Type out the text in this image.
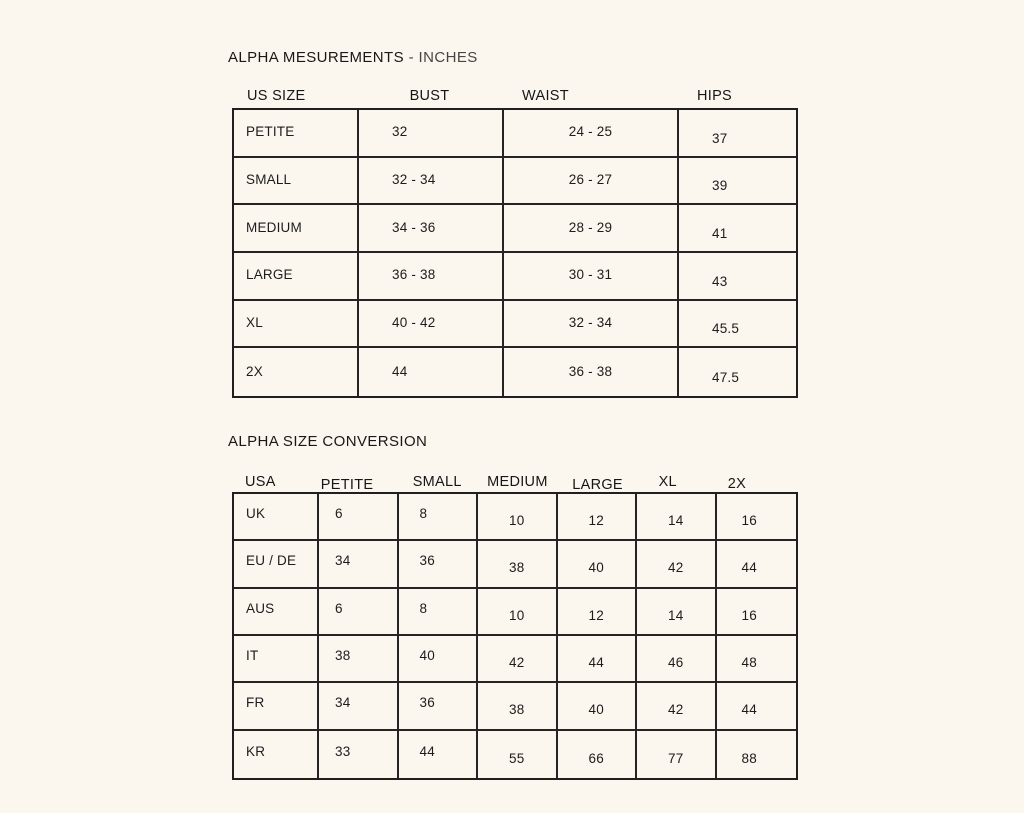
ALPHA MESUREMENTS - INCHES
US SIZE	BUST	WAIST	HIPS
PETITE	32	24 - 25	37
SMALL	32 - 34	26 - 27	39
MEDIUM	34 - 36	28 - 29	41
LARGE	36 - 38	30 - 31	43
XL	40 - 42	32 - 34	45.5
2X	44	36 - 38	47.5
ALPHA SIZE CONVERSION
USA	PETITE	SMALL	MEDIUM	LARGE	XL	2X
UK	6	8	10	12	14	16
EU / DE	34	36	38	40	42	44
AUS	6	8	10	12	14	16
IT	38	40	42	44	46	48
FR	34	36	38	40	42	44
KR	33	44	55	66	77	88
